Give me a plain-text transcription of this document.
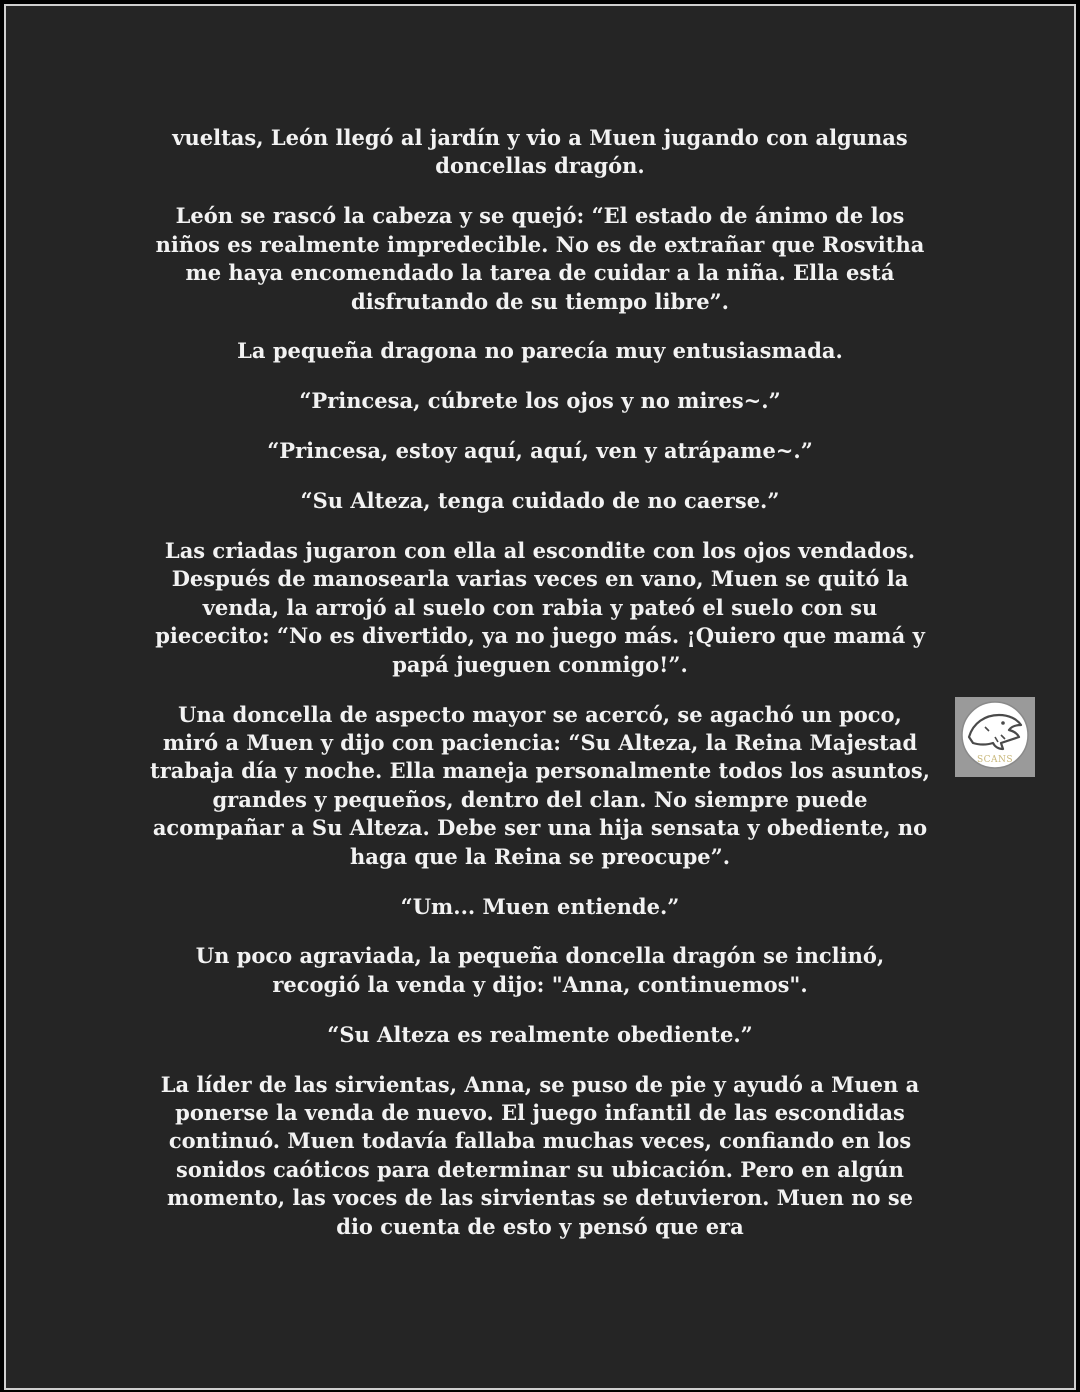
vueltas, León llegó al jardín y vio a Muen jugando con algunas doncellas dragón.

León se rascó la cabeza y se quejó: “El estado de ánimo de los niños es realmente impredecible. No es de extrañar que Rosvitha me haya encomendado la tarea de cuidar a la niña. Ella está disfrutando de su tiempo libre”.

La pequeña dragona no parecía muy entusiasmada.

“Princesa, cúbrete los ojos y no mires~.”

“Princesa, estoy aquí, aquí, ven y atrápame~.”

“Su Alteza, tenga cuidado de no caerse.”

Las criadas jugaron con ella al escondite con los ojos vendados. Después de manosearla varias veces en vano, Muen se quitó la venda, la arrojó al suelo con rabia y pateó el suelo con su piececito: “No es divertido, ya no juego más. ¡Quiero que mamá y papá jueguen conmigo!”.

Una doncella de aspecto mayor se acercó, se agachó un poco, miró a Muen y dijo con paciencia: “Su Alteza, la Reina Majestad trabaja día y noche. Ella maneja personalmente todos los asuntos, grandes y pequeños, dentro del clan. No siempre puede acompañar a Su Alteza. Debe ser una hija sensata y obediente, no haga que la Reina se preocupe”.

“Um... Muen entiende.”

Un poco agraviada, la pequeña doncella dragón se inclinó, recogió la venda y dijo: "Anna, continuemos".

“Su Alteza es realmente obediente.”

La líder de las sirvientas, Anna, se puso de pie y ayudó a Muen a ponerse la venda de nuevo. El juego infantil de las escondidas continuó. Muen todavía fallaba muchas veces, confiando en los sonidos caóticos para determinar su ubicación. Pero en algún momento, las voces de las sirvientas se detuvieron. Muen no se dio cuenta de esto y pensó que era

SCANS
